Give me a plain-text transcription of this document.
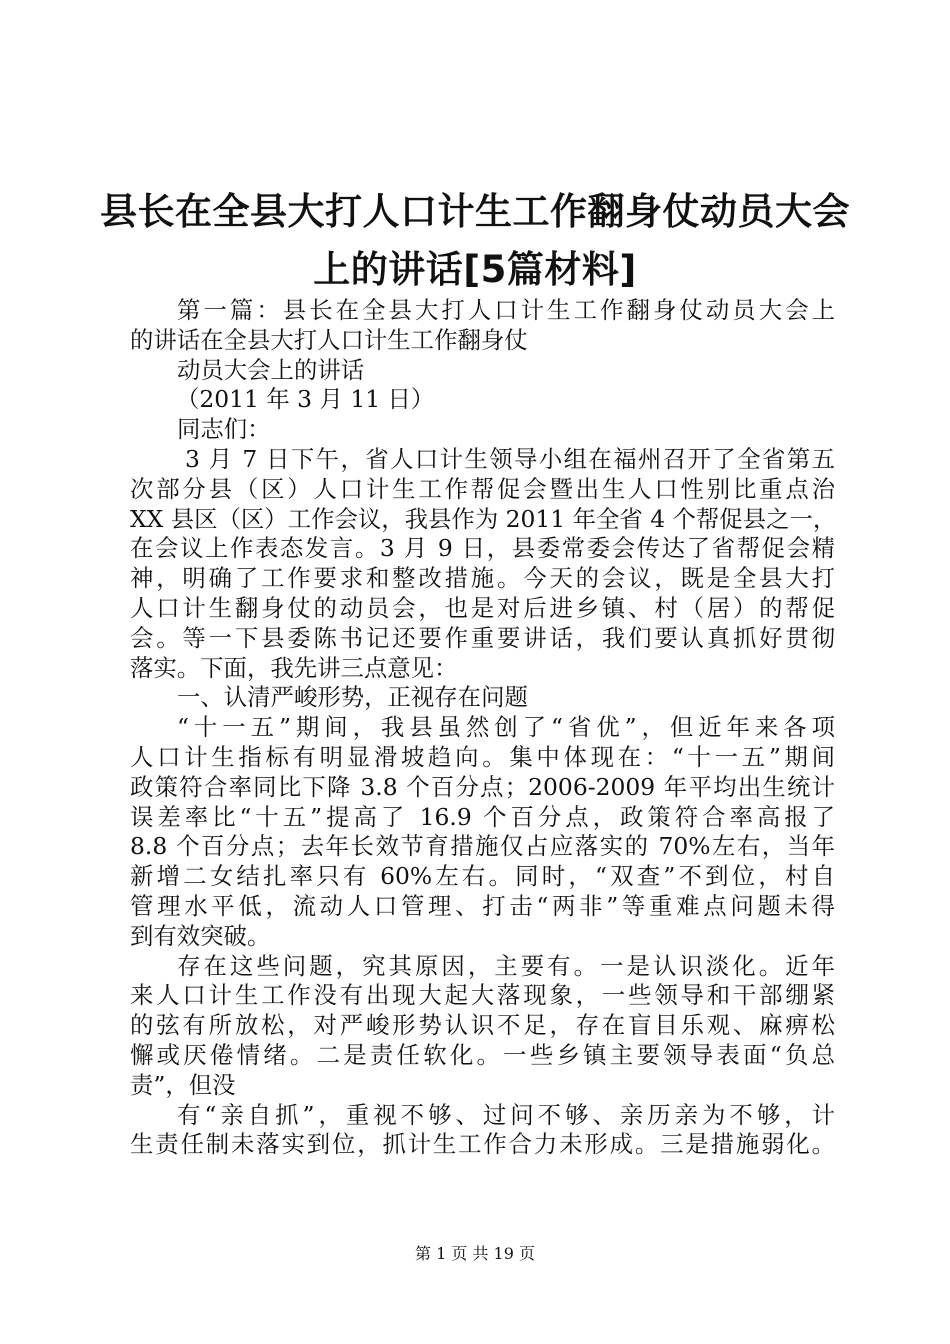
县长在全县大打人口计生工作翻身仗动员大会
上的讲话[5篇材料]
第一篇：县长在全县大打人口计生工作翻身仗动员大会上
的讲话在全县大打人口计生工作翻身仗
动员大会上的讲话
（2011 年 3 月 11 日）
同志们：
3 月 7 日下午，省人口计生领导小组在福州召开了全省第五
次部分县（区）人口计生工作帮促会暨出生人口性别比重点治
XX 县区（区）工作会议，我县作为 2011 年全省 4 个帮促县之一，
在会议上作表态发言。3 月 9 日，县委常委会传达了省帮促会精
神，明确了工作要求和整改措施。今天的会议，既是全县大打
人口计生翻身仗的动员会，也是对后进乡镇、村（居）的帮促
会。等一下县委陈书记还要作重要讲话，我们要认真抓好贯彻
落实。下面，我先讲三点意见：
一、认清严峻形势，正视存在问题
“十一五”期间，我县虽然创了“省优”，但近年来各项
人口计生指标有明显滑坡趋向。集中体现在：“十一五”期间
政策符合率同比下降 3.8 个百分点；2006-2009 年平均出生统计
误差率比“十五”提高了 16.9 个百分点，政策符合率高报了
8.8 个百分点；去年长效节育措施仅占应落实的 70%左右，当年
新增二女结扎率只有 60%左右。同时，“双查”不到位，村自
管理水平低，流动人口管理、打击“两非”等重难点问题未得
到有效突破。
存在这些问题，究其原因，主要有。一是认识淡化。近年
来人口计生工作没有出现大起大落现象，一些领导和干部绷紧
的弦有所放松，对严峻形势认识不足，存在盲目乐观、麻痹松
懈或厌倦情绪。二是责任软化。一些乡镇主要领导表面“负总
责”，但没
有“亲自抓”，重视不够、过问不够、亲历亲为不够，计
生责任制未落实到位，抓计生工作合力未形成。三是措施弱化。
第 1 页 共 19 页
